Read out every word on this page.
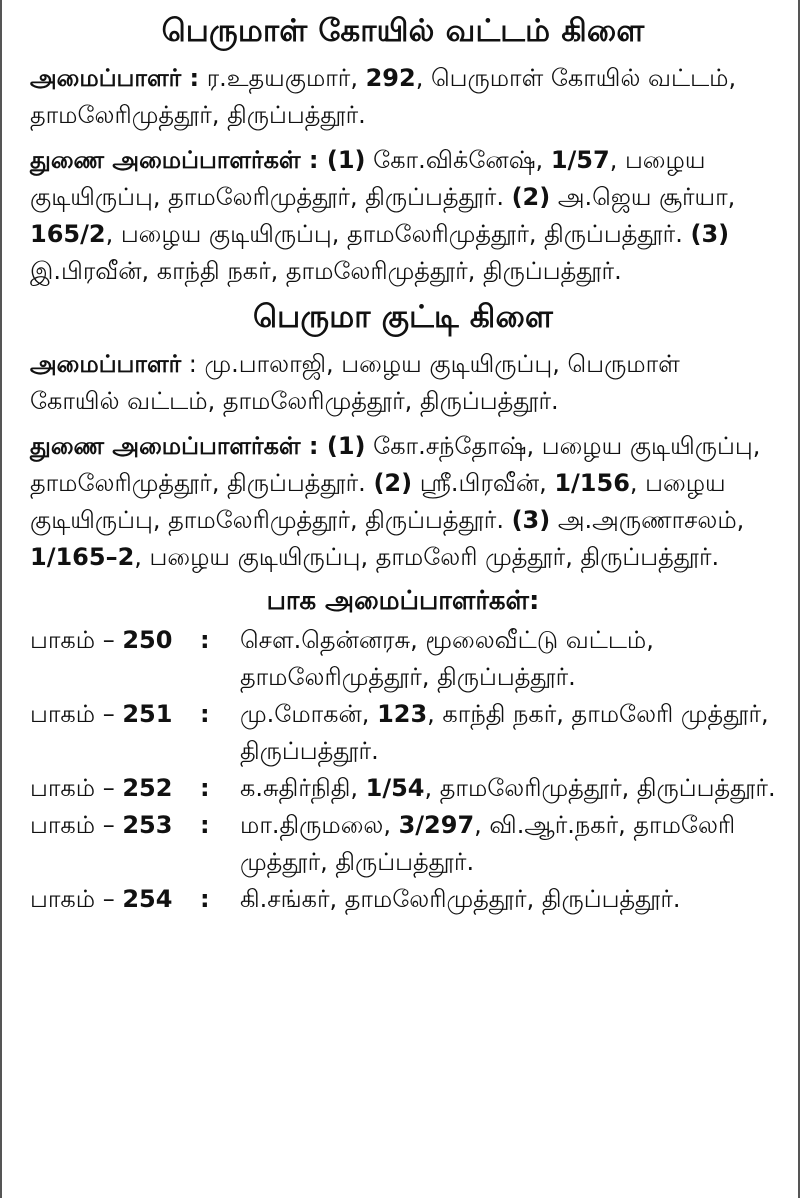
பெருமாள் கோயில் வட்டம் கிளை

அமைப்பாளர் : ர.உதயகுமார், 292, பெருமாள் கோயில் வட்டம், தாமலேரிமுத்தூர், திருப்பத்தூர்.

துணை அமைப்பாளர்கள் : (1) கோ.விக்னேஷ், 1/57, பழைய குடியிருப்பு, தாமலேரிமுத்தூர், திருப்பத்தூர். (2) அ.ஜெய சூர்யா, 165/2, பழைய குடியிருப்பு, தாமலேரிமுத்தூர், திருப்பத்தூர். (3) இ.பிரவீன், காந்தி நகர், தாமலேரிமுத்தூர், திருப்பத்தூர்.

பெருமா குட்டி கிளை

அமைப்பாளர் : மு.பாலாஜி, பழைய குடியிருப்பு, பெருமாள் கோயில் வட்டம், தாமலேரிமுத்தூர், திருப்பத்தூர்.

துணை அமைப்பாளர்கள் : (1) கோ.சந்தோஷ், பழைய குடியிருப்பு, தாமலேரிமுத்தூர், திருப்பத்தூர். (2) ஸ்ரீ.பிரவீன், 1/156, பழைய குடியிருப்பு, தாமலேரிமுத்தூர், திருப்பத்தூர். (3) அ.அருணாசலம், 1/165–2, பழைய குடியிருப்பு, தாமலேரி முத்தூர், திருப்பத்தூர்.

பாக அமைப்பாளர்கள்:
பாகம் – 250	:	சௌ.தென்னரசு, மூலைவீட்டு வட்டம், தாமலேரிமுத்தூர், திருப்பத்தூர்.
பாகம் – 251	:	மு.மோகன், 123, காந்தி நகர், தாமலேரி முத்தூர், திருப்பத்தூர்.
பாகம் – 252	:	க.சுதிர்நிதி, 1/54, தாமலேரிமுத்தூர், திருப்பத்தூர்.
பாகம் – 253	:	மா.திருமலை, 3/297, வி.ஆர்.நகர், தாமலேரி முத்தூர், திருப்பத்தூர்.
பாகம் – 254	:	கி.சங்கர், தாமலேரிமுத்தூர், திருப்பத்தூர்.
